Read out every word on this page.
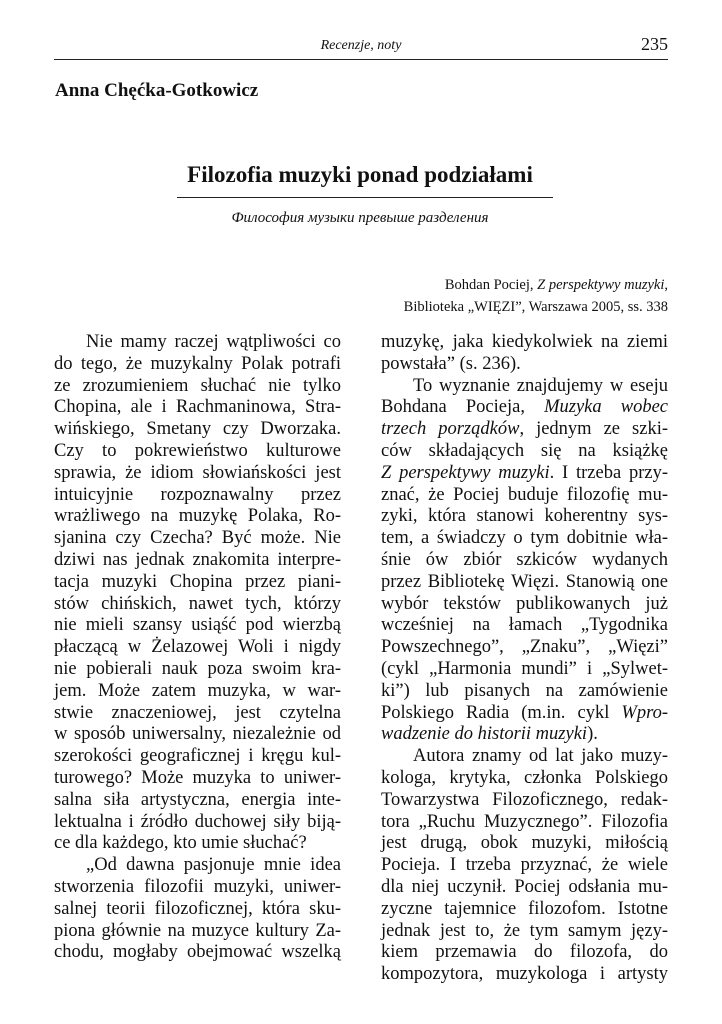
Recenzje, noty	235
Anna Chęćka-Gotkowicz
Filozofia muzyki ponad podziałami
Философия музыки превыше разделения
Bohdan Pociej, Z perspektywy muzyki,
Biblioteka „WIĘZI”, Warszawa 2005, ss. 338
Nie mamy raczej wątpliwości co
do tego, że muzykalny Polak potrafi
ze zrozumieniem słuchać nie tylko
Chopina, ale i Rachmaninowa, Stra-
wińskiego, Smetany czy Dworzaka.
Czy to pokrewieństwo kulturowe
sprawia, że idiom słowiańskości jest
intuicyjnie rozpoznawalny przez
wrażliwego na muzykę Polaka, Ro-
sjanina czy Czecha? Być może. Nie
dziwi nas jednak znakomita interpre-
tacja muzyki Chopina przez piani-
stów chińskich, nawet tych, którzy
nie mieli szansy usiąść pod wierzbą
płaczącą w Żelazowej Woli i nigdy
nie pobierali nauk poza swoim kra-
jem. Może zatem muzyka, w war-
stwie znaczeniowej, jest czytelna
w sposób uniwersalny, niezależnie od
szerokości geograficznej i kręgu kul-
turowego? Może muzyka to uniwer-
salna siła artystyczna, energia inte-
lektualna i źródło duchowej siły biją-
ce dla każdego, kto umie słuchać?
„Od dawna pasjonuje mnie idea
stworzenia filozofii muzyki, uniwer-
salnej teorii filozoficznej, która sku-
piona głównie na muzyce kultury Za-
chodu, mogłaby obejmować wszelką
muzykę, jaka kiedykolwiek na ziemi
powstała” (s. 236).
To wyznanie znajdujemy w eseju
Bohdana Pocieja, Muzyka wobec
trzech porządków, jednym ze szki-
ców składających się na książkę
Z perspektywy muzyki. I trzeba przy-
znać, że Pociej buduje filozofię mu-
zyki, która stanowi koherentny sys-
tem, a świadczy o tym dobitnie wła-
śnie ów zbiór szkiców wydanych
przez Bibliotekę Więzi. Stanowią one
wybór tekstów publikowanych już
wcześniej na łamach „Tygodnika
Powszechnego”, „Znaku”, „Więzi”
(cykl „Harmonia mundi” i „Sylwet-
ki”) lub pisanych na zamówienie
Polskiego Radia (m.in. cykl Wpro-
wadzenie do historii muzyki).
Autora znamy od lat jako muzy-
kologa, krytyka, członka Polskiego
Towarzystwa Filozoficznego, redak-
tora „Ruchu Muzycznego”. Filozofia
jest drugą, obok muzyki, miłością
Pocieja. I trzeba przyznać, że wiele
dla niej uczynił. Pociej odsłania mu-
zyczne tajemnice filozofom. Istotne
jednak jest to, że tym samym języ-
kiem przemawia do filozofa, do
kompozytora, muzykologa i artysty
